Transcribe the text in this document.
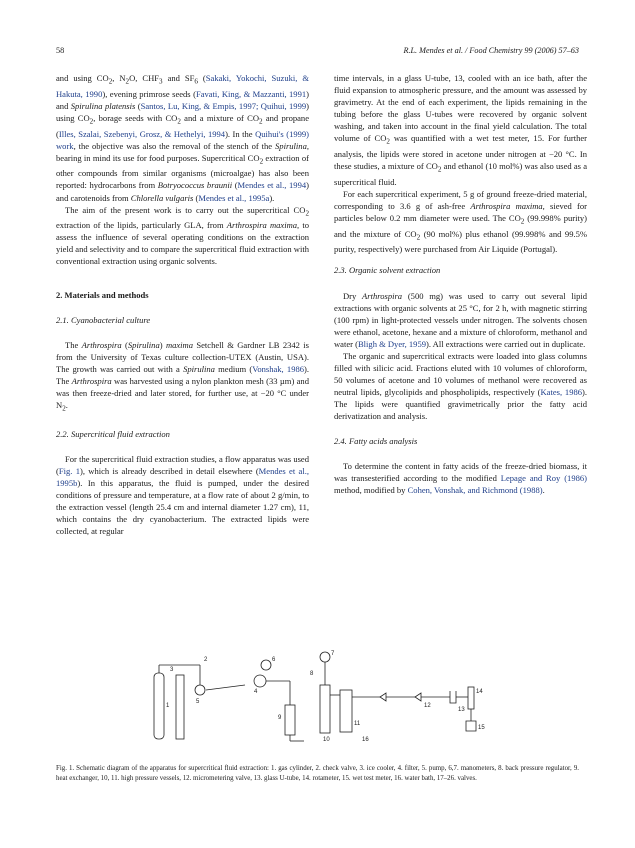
58	R.L. Mendes et al. / Food Chemistry 99 (2006) 57–63

and using $CO_2$, $N_2O$, $CHF_3$ and $SF_6$ (Sakaki, Yokochi, Suzuki, & Hakuta, 1990), evening primrose seeds (Favati, King, & Mazzanti, 1991) and Spirulina platensis (Santos, Lu, King, & Empis, 1997; Quihui, 1999) using $CO_2$, borage seeds with $CO_2$ and a mixture of $CO_2$ and propane (Illes, Szalai, Szebenyi, Grosz, & Hethelyi, 1994). In the Quihui's (1999) work, the objective was also the removal of the stench of the Spirulina, bearing in mind its use for food purposes. Supercritical $CO_2$ extraction of other compounds from similar organisms (microalgae) has also been reported: hydrocarbons from Botryococcus braunii (Mendes et al., 1994) and carotenoids from Chlorella vulgaris (Mendes et al., 1995a).

The aim of the present work is to carry out the supercritical $CO_2$ extraction of the lipids, particularly GLA, from Arthrospira maxima, to assess the influence of several operating conditions on the extraction yield and selectivity and to compare the supercritical fluid extraction with conventional extraction using organic solvents.

2. Materials and methods
2.1. Cyanobacterial culture

The Arthrospira (Spirulina) maxima Setchell & Gardner LB 2342 is from the University of Texas culture collection-UTEX (Austin, USA). The growth was carried out with a Spirulina medium (Vonshak, 1986). The Arthrospira was harvested using a nylon plankton mesh (33 µm) and was then freeze-dried and later stored, for further use, at −20 °C under $N_2$.

2.2. Supercritical fluid extraction

For the supercritical fluid extraction studies, a flow apparatus was used (Fig. 1), which is already described in detail elsewhere (Mendes et al., 1995b). In this apparatus, the fluid is pumped, under the desired conditions of pressure and temperature, at a flow rate of about 2 g/min, to the extraction vessel (length 25.4 cm and internal diameter 1.27 cm), 11, which contains the dry cyanobacterium. The extracted lipids were collected, at regular

time intervals, in a glass U-tube, 13, cooled with an ice bath, after the fluid expansion to atmospheric pressure, and the amount was assessed by gravimetry. At the end of each experiment, the lipids remaining in the tubing before the glass U-tubes were recovered by organic solvent washing, and taken into account in the final yield calculation. The total volume of $CO_2$ was quantified with a wet test meter, 15. For further analysis, the lipids were stored in acetone under nitrogen at −20 °C. In these studies, a mixture of $CO_2$ and ethanol (10 mol%) was also used as a supercritical fluid.

For each supercritical experiment, 5 g of ground freeze-dried material, corresponding to 3.6 g of ash-free Arthrospira maxima, sieved for particles below 0.2 mm diameter were used. The $CO_2$ (99.998% purity) and the mixture of $CO_2$ (90 mol%) plus ethanol (99.998% and 99.5% purity, respectively) were purchased from Air Liquide (Portugal).

2.3. Organic solvent extraction

Dry Arthrospira (500 mg) was used to carry out several lipid extractions with organic solvents at 25 °C, for 2 h, with magnetic stirring (100 rpm) in light-protected vessels under nitrogen. The solvents chosen were ethanol, acetone, hexane and a mixture of chloroform, methanol and water (Bligh & Dyer, 1959). All extractions were carried out in duplicate.

The organic and supercritical extracts were loaded into glass columns filled with silicic acid. Fractions eluted with 10 volumes of chloroform, 50 volumes of acetone and 10 volumes of methanol were recovered as neutral lipids, glycolipids and phospholipids, respectively (Kates, 1986). The lipids were quantified gravimetrically prior the fatty acid derivatization and analysis.

2.4. Fatty acids analysis

To determine the content in fatty acids of the freeze-dried biomass, it was transesterified according to the modified Lepage and Roy (1986) method, modified by Cohen, Vonshak, and Richmond (1988).

1
2
3
4
5
6
7
8
9
10
11
12
13
14
15
16
Fig. 1. Schematic diagram of the apparatus for supercritical fluid extraction: 1. gas cylinder, 2. check valve, 3. ice cooler, 4. filter, 5. pump, 6,7. manometers, 8. back pressure regulator, 9. heat exchanger, 10, 11. high pressure vessels, 12. micrometering valve, 13. glass U-tube, 14. rotameter, 15. wet test meter, 16. water bath, 17–26. valves.
